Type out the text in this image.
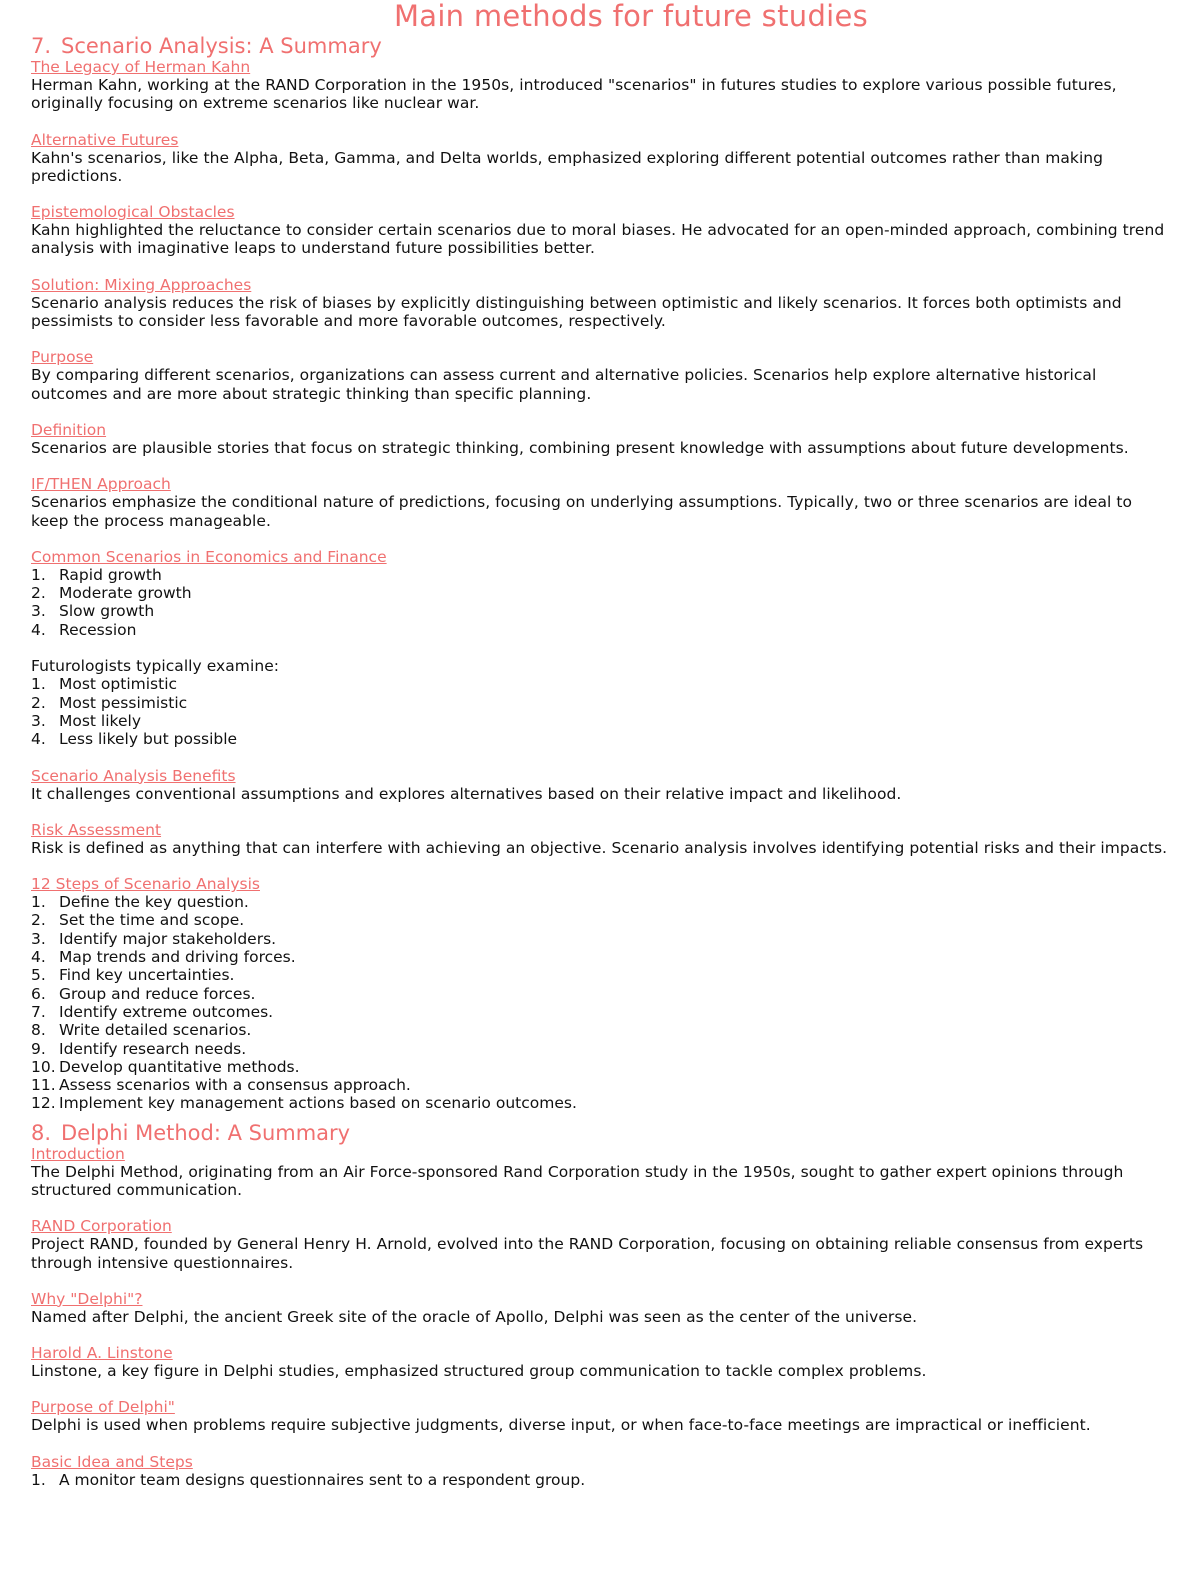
Main methods for future studies
7. Scenario Analysis: A Summary
The Legacy of Herman Kahn

Herman Kahn, working at the RAND Corporation in the 1950s, introduced "scenarios" in futures studies to explore various possible futures, originally focusing on extreme scenarios like nuclear war.

Alternative Futures

Kahn's scenarios, like the Alpha, Beta, Gamma, and Delta worlds, emphasized exploring different potential outcomes rather than making predictions.

Epistemological Obstacles

Kahn highlighted the reluctance to consider certain scenarios due to moral biases. He advocated for an open-minded approach, combining trend analysis with imaginative leaps to understand future possibilities better.

Solution: Mixing Approaches

Scenario analysis reduces the risk of biases by explicitly distinguishing between optimistic and likely scenarios. It forces both optimists and pessimists to consider less favorable and more favorable outcomes, respectively.

Purpose

By comparing different scenarios, organizations can assess current and alternative policies. Scenarios help explore alternative historical outcomes and are more about strategic thinking than specific planning.

Definition

Scenarios are plausible stories that focus on strategic thinking, combining present knowledge with assumptions about future developments.

IF/THEN Approach

Scenarios emphasize the conditional nature of predictions, focusing on underlying assumptions. Typically, two or three scenarios are ideal to keep the process manageable.

Common Scenarios in Economics and Finance
1. Rapid growth
2. Moderate growth
3. Slow growth
4. Recession

Futurologists typically examine:

1. Most optimistic
2. Most pessimistic
3. Most likely
4. Less likely but possible
Scenario Analysis Benefits

It challenges conventional assumptions and explores alternatives based on their relative impact and likelihood.

Risk Assessment

Risk is defined as anything that can interfere with achieving an objective. Scenario analysis involves identifying potential risks and their impacts.

12 Steps of Scenario Analysis
1. Define the key question.
2. Set the time and scope.
3. Identify major stakeholders.
4. Map trends and driving forces.
5. Find key uncertainties.
6. Group and reduce forces.
7. Identify extreme outcomes.
8. Write detailed scenarios.
9. Identify research needs.
10. Develop quantitative methods.
11. Assess scenarios with a consensus approach.
12. Implement key management actions based on scenario outcomes.
8. Delphi Method: A Summary
Introduction

The Delphi Method, originating from an Air Force-sponsored Rand Corporation study in the 1950s, sought to gather expert opinions through structured communication.

RAND Corporation

Project RAND, founded by General Henry H. Arnold, evolved into the RAND Corporation, focusing on obtaining reliable consensus from experts through intensive questionnaires.

Why "Delphi"?

Named after Delphi, the ancient Greek site of the oracle of Apollo, Delphi was seen as the center of the universe.

Harold A. Linstone

Linstone, a key figure in Delphi studies, emphasized structured group communication to tackle complex problems.

Purpose of Delphi"

Delphi is used when problems require subjective judgments, diverse input, or when face-to-face meetings are impractical or inefficient.

Basic Idea and Steps
1. A monitor team designs questionnaires sent to a respondent group.
